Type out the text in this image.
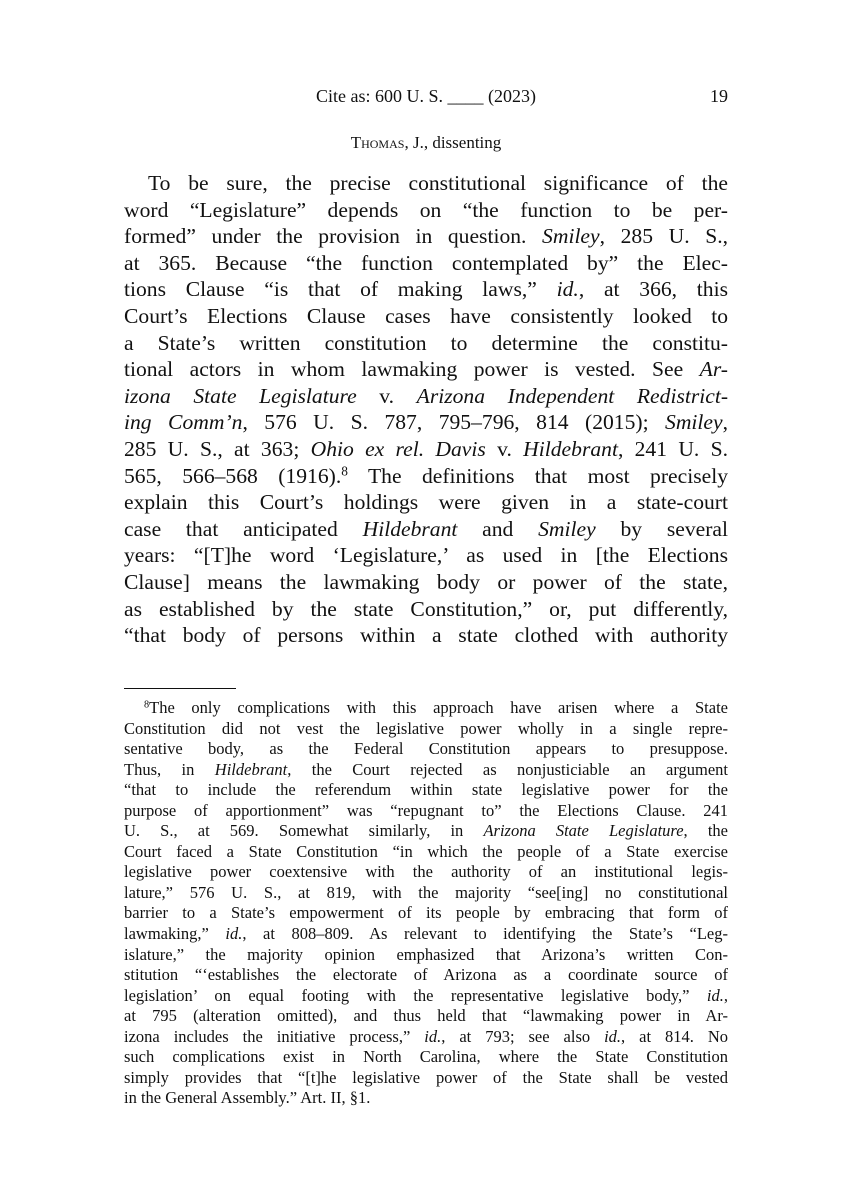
Cite as: 600 U. S. ____ (2023)	19
Thomas, J., dissenting
To be sure, the precise constitutional significance of the
word “Legislature” depends on “the function to be per-
formed” under the provision in question. Smiley, 285 U. S.,
at 365. Because “the function contemplated by” the Elec-
tions Clause “is that of making laws,” id., at 366, this
Court’s Elections Clause cases have consistently looked to
a State’s written constitution to determine the constitu-
tional actors in whom lawmaking power is vested. See Ar-
izona State Legislature v. Arizona Independent Redistrict-
ing Comm’n, 576 U. S. 787, 795–796, 814 (2015); Smiley,
285 U. S., at 363; Ohio ex rel. Davis v. Hildebrant, 241 U. S.
565, 566–568 (1916).$^8$ The definitions that most precisely
explain this Court’s holdings were given in a state-court
case that anticipated Hildebrant and Smiley by several
years: “[T]he word ‘Legislature,’ as used in [the Elections
Clause] means the lawmaking body or power of the state,
as established by the state Constitution,” or, put differently,
“that body of persons within a state clothed with authority
$^8$The only complications with this approach have arisen where a State
Constitution did not vest the legislative power wholly in a single repre-
sentative body, as the Federal Constitution appears to presuppose.
Thus, in Hildebrant, the Court rejected as nonjusticiable an argument
“that to include the referendum within state legislative power for the
purpose of apportionment” was “repugnant to” the Elections Clause. 241
U. S., at 569. Somewhat similarly, in Arizona State Legislature, the
Court faced a State Constitution “in which the people of a State exercise
legislative power coextensive with the authority of an institutional legis-
lature,” 576 U. S., at 819, with the majority “see[ing] no constitutional
barrier to a State’s empowerment of its people by embracing that form of
lawmaking,” id., at 808–809. As relevant to identifying the State’s “Leg-
islature,” the majority opinion emphasized that Arizona’s written Con-
stitution “‘establishes the electorate of Arizona as a coordinate source of
legislation’ on equal footing with the representative legislative body,” id.,
at 795 (alteration omitted), and thus held that “lawmaking power in Ar-
izona includes the initiative process,” id., at 793; see also id., at 814. No
such complications exist in North Carolina, where the State Constitution
simply provides that “[t]he legislative power of the State shall be vested
in the General Assembly.” Art. II, §1.
